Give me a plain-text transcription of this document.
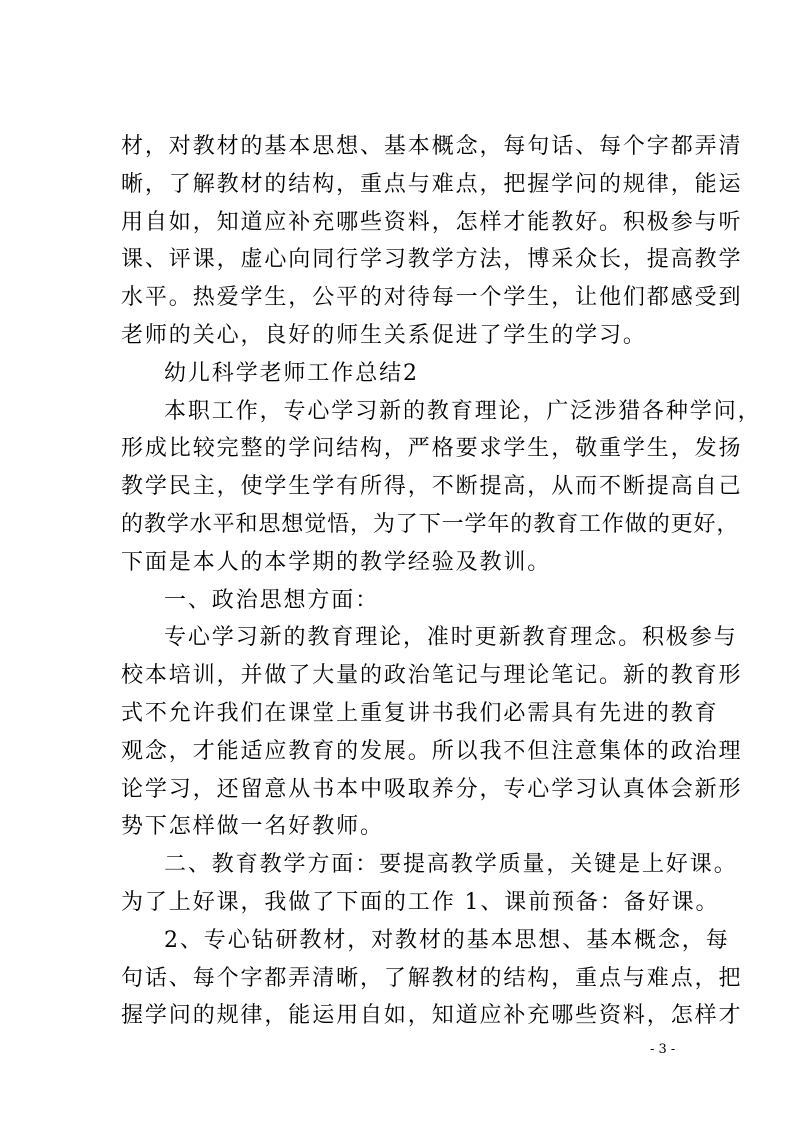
材，对教材的基本思想、基本概念，每句话、每个字都弄清
晰，了解教材的结构，重点与难点，把握学问的规律，能运
用自如，知道应补充哪些资料，怎样才能教好。积极参与听
课、评课，虚心向同行学习教学方法，博采众长，提高教学
水平。热爱学生，公平的对待每一个学生，让他们都感受到
老师的关心，良好的师生关系促进了学生的学习。
幼儿科学老师工作总结2
本职工作，专心学习新的教育理论，广泛涉猎各种学问，
形成比较完整的学问结构，严格要求学生，敬重学生，发扬
教学民主，使学生学有所得，不断提高，从而不断提高自己
的教学水平和思想觉悟，为了下一学年的教育工作做的更好，
下面是本人的本学期的教学经验及教训。
一、政治思想方面：
专心学习新的教育理论，准时更新教育理念。积极参与
校本培训，并做了大量的政治笔记与理论笔记。新的教育形
式不允许我们在课堂上重复讲书我们必需具有先进的教育
观念，才能适应教育的发展。所以我不但注意集体的政治理
论学习，还留意从书本中吸取养分，专心学习认真体会新形
势下怎样做一名好教师。
二、教育教学方面：要提高教学质量，关键是上好课。
为了上好课，我做了下面的工作 1、课前预备：备好课。
- 3 -
2、专心钻研教材，对教材的基本思想、基本概念，每
句话、每个字都弄清晰，了解教材的结构，重点与难点，把
握学问的规律，能运用自如，知道应补充哪些资料，怎样才
